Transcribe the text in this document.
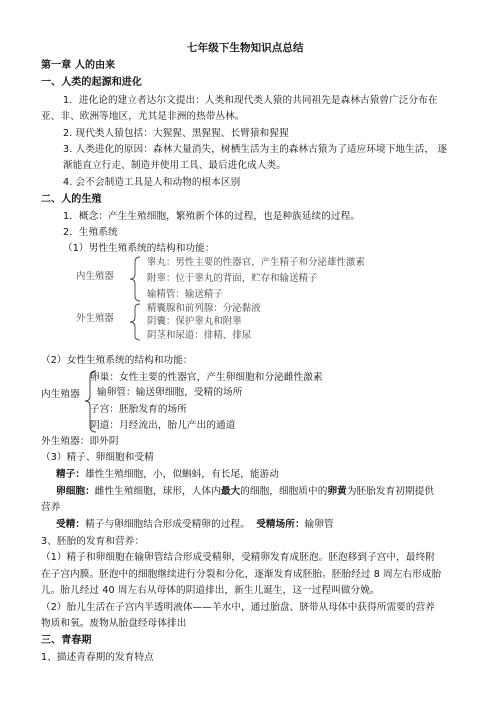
七年级下生物知识点总结
第一章 人的由来
一、人类的起源和进化
1．进化论的建立者达尔文提出：人类和现代类人猿的共同祖先是森林古猿曾广泛分布在
亚、非、欧洲等地区，尤其是非洲的热带丛林。
2. 现代类人猿包括：大猩猩、黑猩猩、长臂猿和猩猩
3. 人类进化的原因：森林大量消失，树栖生活为主的森林古猿为了适应环境下地生活， 逐
渐能直立行走、制造并使用工具、最后进化成人类。
4. 会不会制造工具是人和动物的根本区别
二、人的生殖
1．概念：产生生殖细胞，繁殖新个体的过程，也是种族延续的过程。
2．生殖系统
（1）男性生殖系统的结构和功能：
内生殖器
睾丸：男性主要的性器官，产生精子和分泌雄性激素
附睾：位于睾丸的背面，贮存和输送精子
输精管：输送精子
外生殖器
精囊腺和前列腺：分泌黏液
阴囊：保护睾丸和附睾
阴茎和尿道：排精、排尿
（2）女性生殖系统的结构和功能：
内生殖器
卵巢：女性主要的性器官，产生卵细胞和分泌雌性激素
输卵管：输送卵细胞，受精的场所
子宫：胚胎发育的场所
阴道：月经流出，胎儿产出的通道
外生殖器：即外阴
（3）精子、卵细胞和受精
精子：雄性生殖细胞，小，似蝌蚪，有长尾，能游动
卵细胞：雌性生殖细胞，球形，人体内最大的细胞，细胞质中的卵黄为胚胎发育初期提供
营养
受精：精子与卵细胞结合形成受精卵的过程。 受精场所：输卵管
3、胚胎的发育和营养：
（1）精子和卵细胞在输卵管结合形成受精卵，受精卵发育成胚泡。胚泡移到子宫中，最终附
在子宫内膜。胚泡中的细胞继续进行分裂和分化，逐渐发育成胚胎。胚胎经过 8 周左右形成胎
儿。胎儿经过 40 周左右从母体的阴道排出，新生儿诞生，这一过程叫做分娩。
（2）胎儿生活在子宫内半透明液体——羊水中，通过胎盘、脐带从母体中获得所需要的营养
物质和氧。废物从胎盘经母体排出
三、青春期
1、描述青春期的发育特点
